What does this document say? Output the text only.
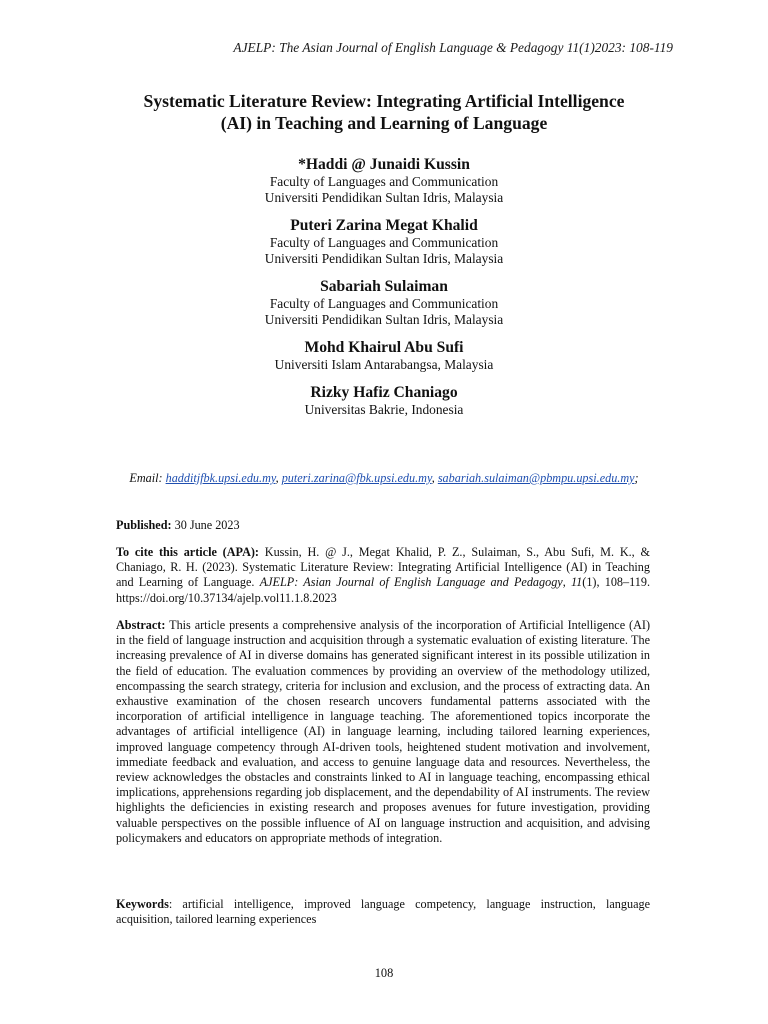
AJELP: The Asian Journal of English Language & Pedagogy 11(1)2023: 108-119
Systematic Literature Review: Integrating Artificial Intelligence
(AI) in Teaching and Learning of Language
*Haddi @ Junaidi Kussin
Faculty of Languages and Communication
Universiti Pendidikan Sultan Idris, Malaysia
Puteri Zarina Megat Khalid
Faculty of Languages and Communication
Universiti Pendidikan Sultan Idris, Malaysia
Sabariah Sulaiman
Faculty of Languages and Communication
Universiti Pendidikan Sultan Idris, Malaysia
Mohd Khairul Abu Sufi
Universiti Islam Antarabangsa, Malaysia
Rizky Hafiz Chaniago
Universitas Bakrie, Indonesia
Email: hadditjfbk.upsi.edu.my, puteri.zarina@fbk.upsi.edu.my, sabariah.sulaiman@pbmpu.upsi.edu.my;
Published: 30 June 2023
To cite this article (APA): Kussin, H. @ J., Megat Khalid, P. Z., Sulaiman, S., Abu Sufi, M. K., & Chaniago, R. H. (2023). Systematic Literature Review: Integrating Artificial Intelligence (AI) in Teaching and Learning of Language. AJELP: Asian Journal of English Language and Pedagogy, 11(1), 108–119. https://doi.org/10.37134/ajelp.vol11.1.8.2023
Abstract: This article presents a comprehensive analysis of the incorporation of Artificial Intelligence (AI) in the field of language instruction and acquisition through a systematic evaluation of existing literature. The increasing prevalence of AI in diverse domains has generated significant interest in its possible utilization in the field of education. The evaluation commences by providing an overview of the methodology utilized, encompassing the search strategy, criteria for inclusion and exclusion, and the process of extracting data. An exhaustive examination of the chosen research uncovers fundamental patterns associated with the incorporation of artificial intelligence in language teaching. The aforementioned topics incorporate the advantages of artificial intelligence (AI) in language learning, including tailored learning experiences, improved language competency through AI-driven tools, heightened student motivation and involvement, immediate feedback and evaluation, and access to genuine language data and resources. Nevertheless, the review acknowledges the obstacles and constraints linked to AI in language teaching, encompassing ethical implications, apprehensions regarding job displacement, and the dependability of AI instruments. The review highlights the deficiencies in existing research and proposes avenues for future investigation, providing valuable perspectives on the possible influence of AI on language instruction and acquisition, and advising policymakers and educators on appropriate methods of integration.
Keywords: artificial intelligence, improved language competency, language instruction, language acquisition, tailored learning experiences
108
